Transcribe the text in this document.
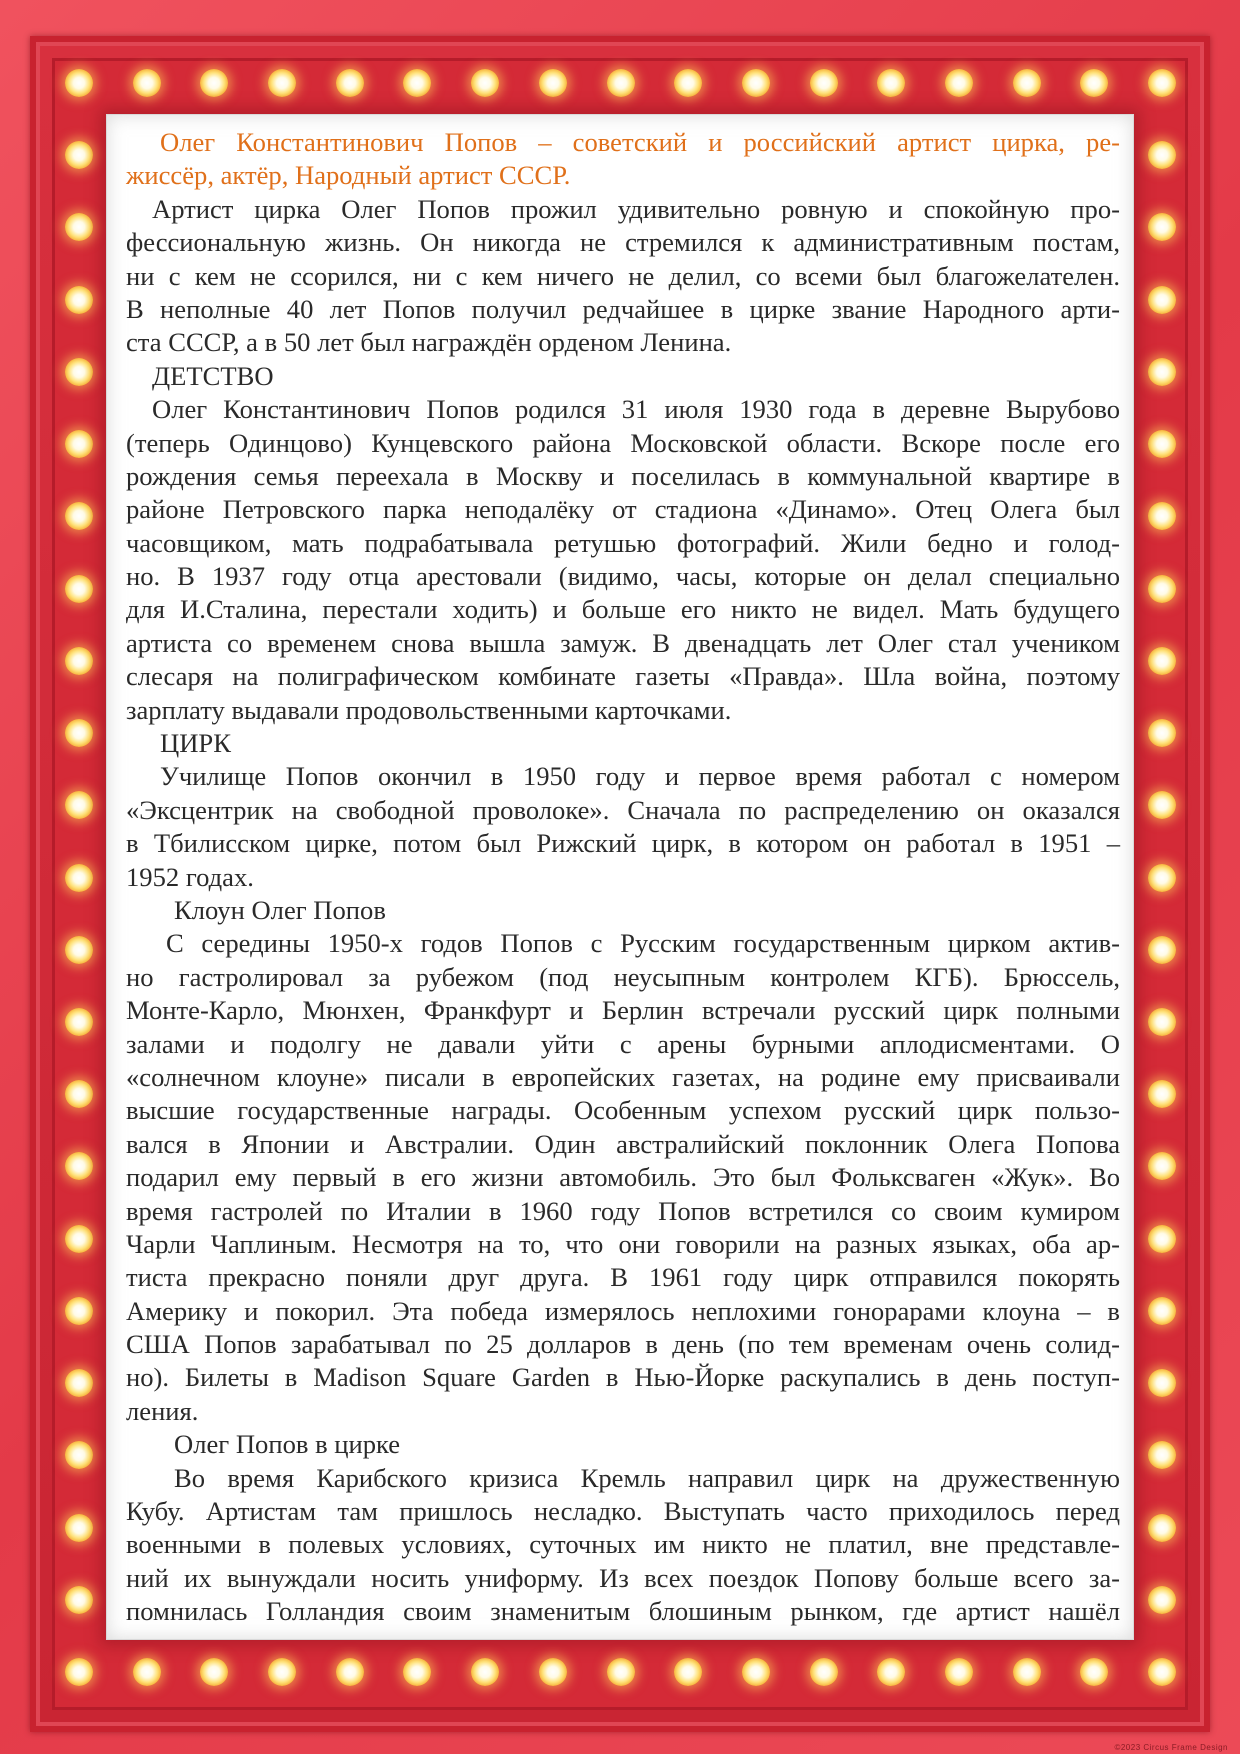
Олег Константинович Попов – советский и российский артист цирка, ре-
жиссёр, актёр, Народный артист СССР.
Артист цирка Олег Попов прожил удивительно ровную и спокойную про-
фессиональную жизнь. Он никогда не стремился к административным постам,
ни с кем не ссорился, ни с кем ничего не делил, со всеми был благожелателен.
В неполные 40 лет Попов получил редчайшее в цирке звание Народного арти-
ста СССР, а в 50 лет был награждён орденом Ленина.
ДЕТСТВО
Олег Константинович Попов родился 31 июля 1930 года в деревне Вырубово
(теперь Одинцово) Кунцевского района Московской области. Вскоре после его
рождения семья переехала в Москву и поселилась в коммунальной квартире в
районе Петровского парка неподалёку от стадиона «Динамо». Отец Олега был
часовщиком, мать подрабатывала ретушью фотографий. Жили бедно и голод-
но. В 1937 году отца арестовали (видимо, часы, которые он делал специально
для И.Сталина, перестали ходить) и больше его никто не видел. Мать будущего
артиста со временем снова вышла замуж. В двенадцать лет Олег стал учеником
слесаря на полиграфическом комбинате газеты «Правда». Шла война, поэтому
зарплату выдавали продовольственными карточками.
ЦИРК
Училище Попов окончил в 1950 году и первое время работал с номером
«Эксцентрик на свободной проволоке». Сначала по распределению он оказался
в Тбилисском цирке, потом был Рижский цирк, в котором он работал в 1951 –
1952 годах.
Клоун Олег Попов
С середины 1950-х годов Попов с Русским государственным цирком актив-
но гастролировал за рубежом (под неусыпным контролем КГБ). Брюссель,
Монте-Карло, Мюнхен, Франкфурт и Берлин встречали русский цирк полными
залами и подолгу не давали уйти с арены бурными аплодисментами. О
«солнечном клоуне» писали в европейских газетах, на родине ему присваивали
высшие государственные награды. Особенным успехом русский цирк пользо-
вался в Японии и Австралии. Один австралийский поклонник Олега Попова
подарил ему первый в его жизни автомобиль. Это был Фольксваген «Жук». Во
время гастролей по Италии в 1960 году Попов встретился со своим кумиром
Чарли Чаплиным. Несмотря на то, что они говорили на разных языках, оба ар-
тиста прекрасно поняли друг друга. В 1961 году цирк отправился покорять
Америку и покорил. Эта победа измерялось неплохими гонорарами клоуна – в
США Попов зарабатывал по 25 долларов в день (по тем временам очень солид-
но). Билеты в Madison Square Garden в Нью-Йорке раскупались в день поступ-
ления.
Олег Попов в цирке
Во время Карибского кризиса Кремль направил цирк на дружественную
Кубу. Артистам там пришлось несладко. Выступать часто приходилось перед
военными в полевых условиях, суточных им никто не платил, вне представле-
ний их вынуждали носить униформу. Из всех поездок Попову больше всего за-
помнилась Голландия своим знаменитым блошиным рынком, где артист нашёл
©2023 Circus Frame Design
